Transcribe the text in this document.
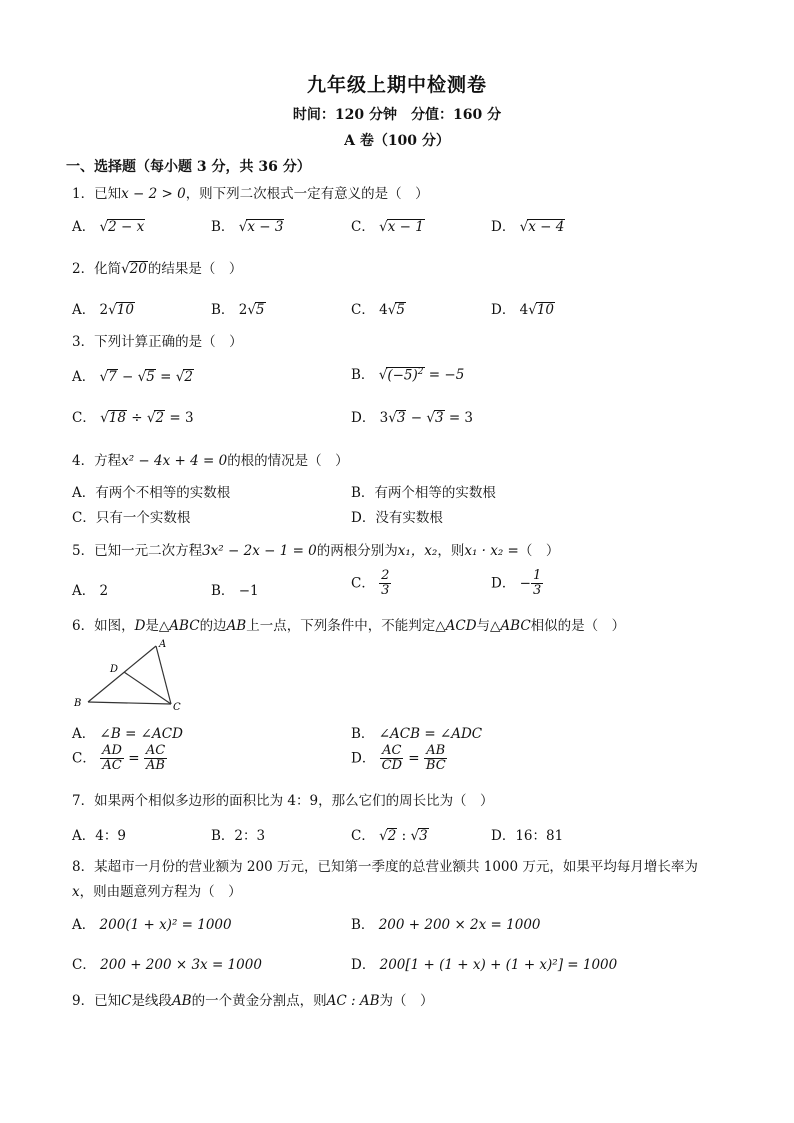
九年级上期中检测卷
时间：120 分钟　分值：160 分
A 卷（100 分）
一、选择题（每小题 3 分，共 36 分）
1．已知x − 2 > 0，则下列二次根式一定有意义的是（　）
A． √2 − x	B． √x − 3	C． √x − 1	D． √x − 4
2．化简√20的结果是（　）
A． 2√10	B． 2√5	C． 4√5	D． 4√10
3．下列计算正确的是（　）
A． √7 − √5 = √2	B． $√(-5)^2 = -5$
C． √18 ÷ √2 = 3	D． 3√3 − √3 = 3
4．方程x² − 4x + 4 = 0的根的情况是（　）
A．有两个不相等的实数根	B．有两个相等的实数根
C．只有一个实数根	D．没有实数根
5．已知一元二次方程3x² − 2x − 1 = 0的两根分别为x₁，x₂，则x₁ · x₂ =（　）
A． 2	B． −1	C． $\frac{2}{3}$	D． − $\frac{1}{3}$
6．如图，D是△ABC的边AB上一点，下列条件中，不能判定△ACD与△ABC相似的是（　）
A
B	C
D
A． ∠B = ∠ACD	B． ∠ACB = ∠ADC
C． $\frac{AD}{AC} = \frac{AC}{AB}$	D． $\frac{AC}{CD} = \frac{AB}{BC}$
7．如果两个相似多边形的面积比为 4：9，那么它们的周长比为（　）
A．4：9	B．2：3	C． √2 : √3	D．16：81
8．某超市一月份的营业额为 200 万元，已知第一季度的总营业额共 1000 万元，如果平均每月增长率为
x，则由题意列方程为（　）
A． 200(1 + x)² = 1000	B． 200 + 200 × 2x = 1000
C． 200 + 200 × 3x = 1000	D． 200[1 + (1 + x) + (1 + x)²] = 1000
9．已知C是线段AB的一个黄金分割点，则AC : AB为（　）
